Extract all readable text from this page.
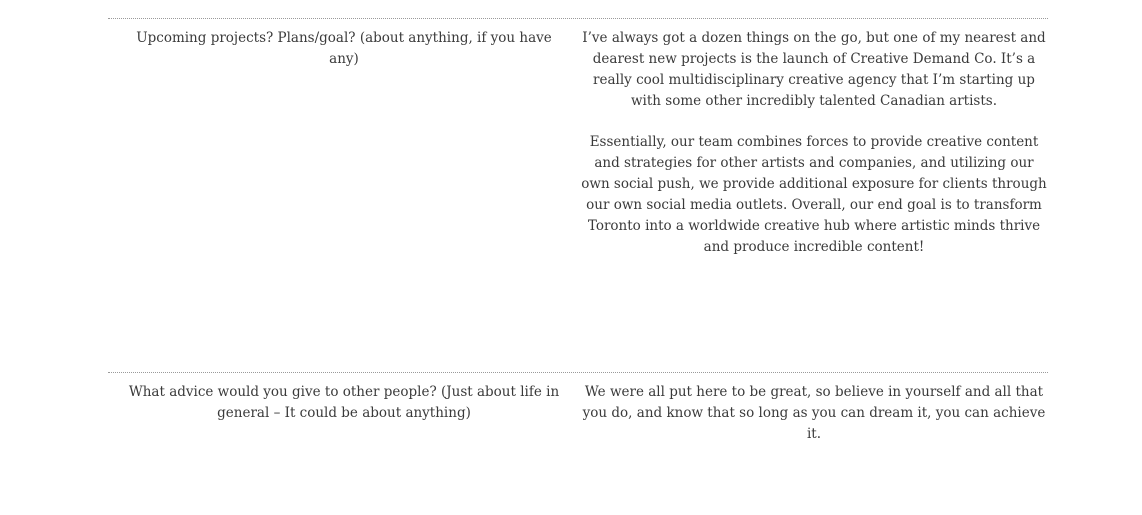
Upcoming projects? Plans/goal? (about anything, if you have any)

I’ve always got a dozen things on the go, but one of my nearest and dearest new projects is the launch of Creative Demand Co. It’s a really cool multidisciplinary creative agency that I’m starting up with some other incredibly talented Canadian artists.

Essentially, our team combines forces to provide creative content and strategies for other artists and companies, and utilizing our own social push, we provide additional exposure for clients through our own social media outlets. Overall, our end goal is to transform Toronto into a worldwide creative hub where artistic minds thrive and produce incredible content!

What advice would you give to other people? (Just about life in general – It could be about anything)

We were all put here to be great, so believe in yourself and all that you do, and know that so long as you can dream it, you can achieve it.
